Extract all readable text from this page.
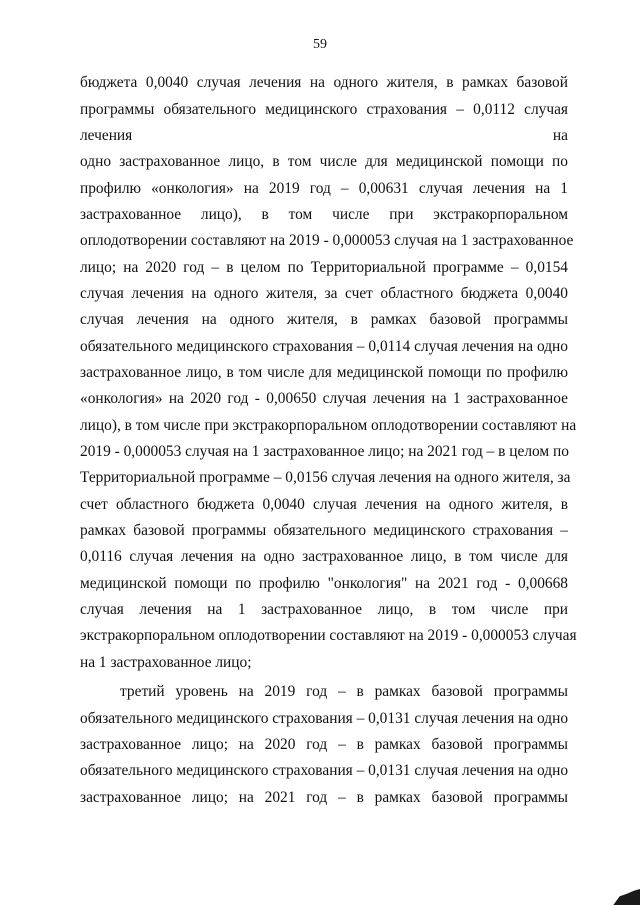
59
бюджета 0,0040 случая лечения на одного жителя, в рамках базовой
программы обязательного медицинского страхования – 0,0112 случая
лечения	на
одно застрахованное лицо, в том числе для медицинской помощи по
профилю «онкология» на 2019 год – 0,00631 случая лечения на 1
застрахованное лицо), в том числе при экстракорпоральном
оплодотворении составляют на 2019 - 0,000053 случая на 1 застрахованное
лицо; на 2020 год – в целом по Территориальной программе – 0,0154
случая лечения на одного жителя, за счет областного бюджета 0,0040
случая лечения на одного жителя, в рамках базовой программы
обязательного медицинского страхования – 0,0114 случая лечения на одно
застрахованное лицо, в том числе для медицинской помощи по профилю
«онкология» на 2020 год - 0,00650 случая лечения на 1 застрахованное
лицо), в том числе при экстракорпоральном оплодотворении составляют на
2019 - 0,000053 случая на 1 застрахованное лицо; на 2021 год – в целом по
Территориальной программе – 0,0156 случая лечения на одного жителя, за
счет областного бюджета 0,0040 случая лечения на одного жителя, в
рамках базовой программы обязательного медицинского страхования –
0,0116 случая лечения на одно застрахованное лицо, в том числе для
медицинской помощи по профилю "онкология" на 2021 год - 0,00668
случая лечения на 1 застрахованное лицо, в том числе при
экстракорпоральном оплодотворении составляют на 2019 - 0,000053 случая
на 1 застрахованное лицо;
третий уровень на 2019 год – в рамках базовой программы
обязательного медицинского страхования – 0,0131 случая лечения на одно
застрахованное лицо; на 2020 год – в рамках базовой программы
обязательного медицинского страхования – 0,0131 случая лечения на одно
застрахованное лицо; на 2021 год – в рамках базовой программы
